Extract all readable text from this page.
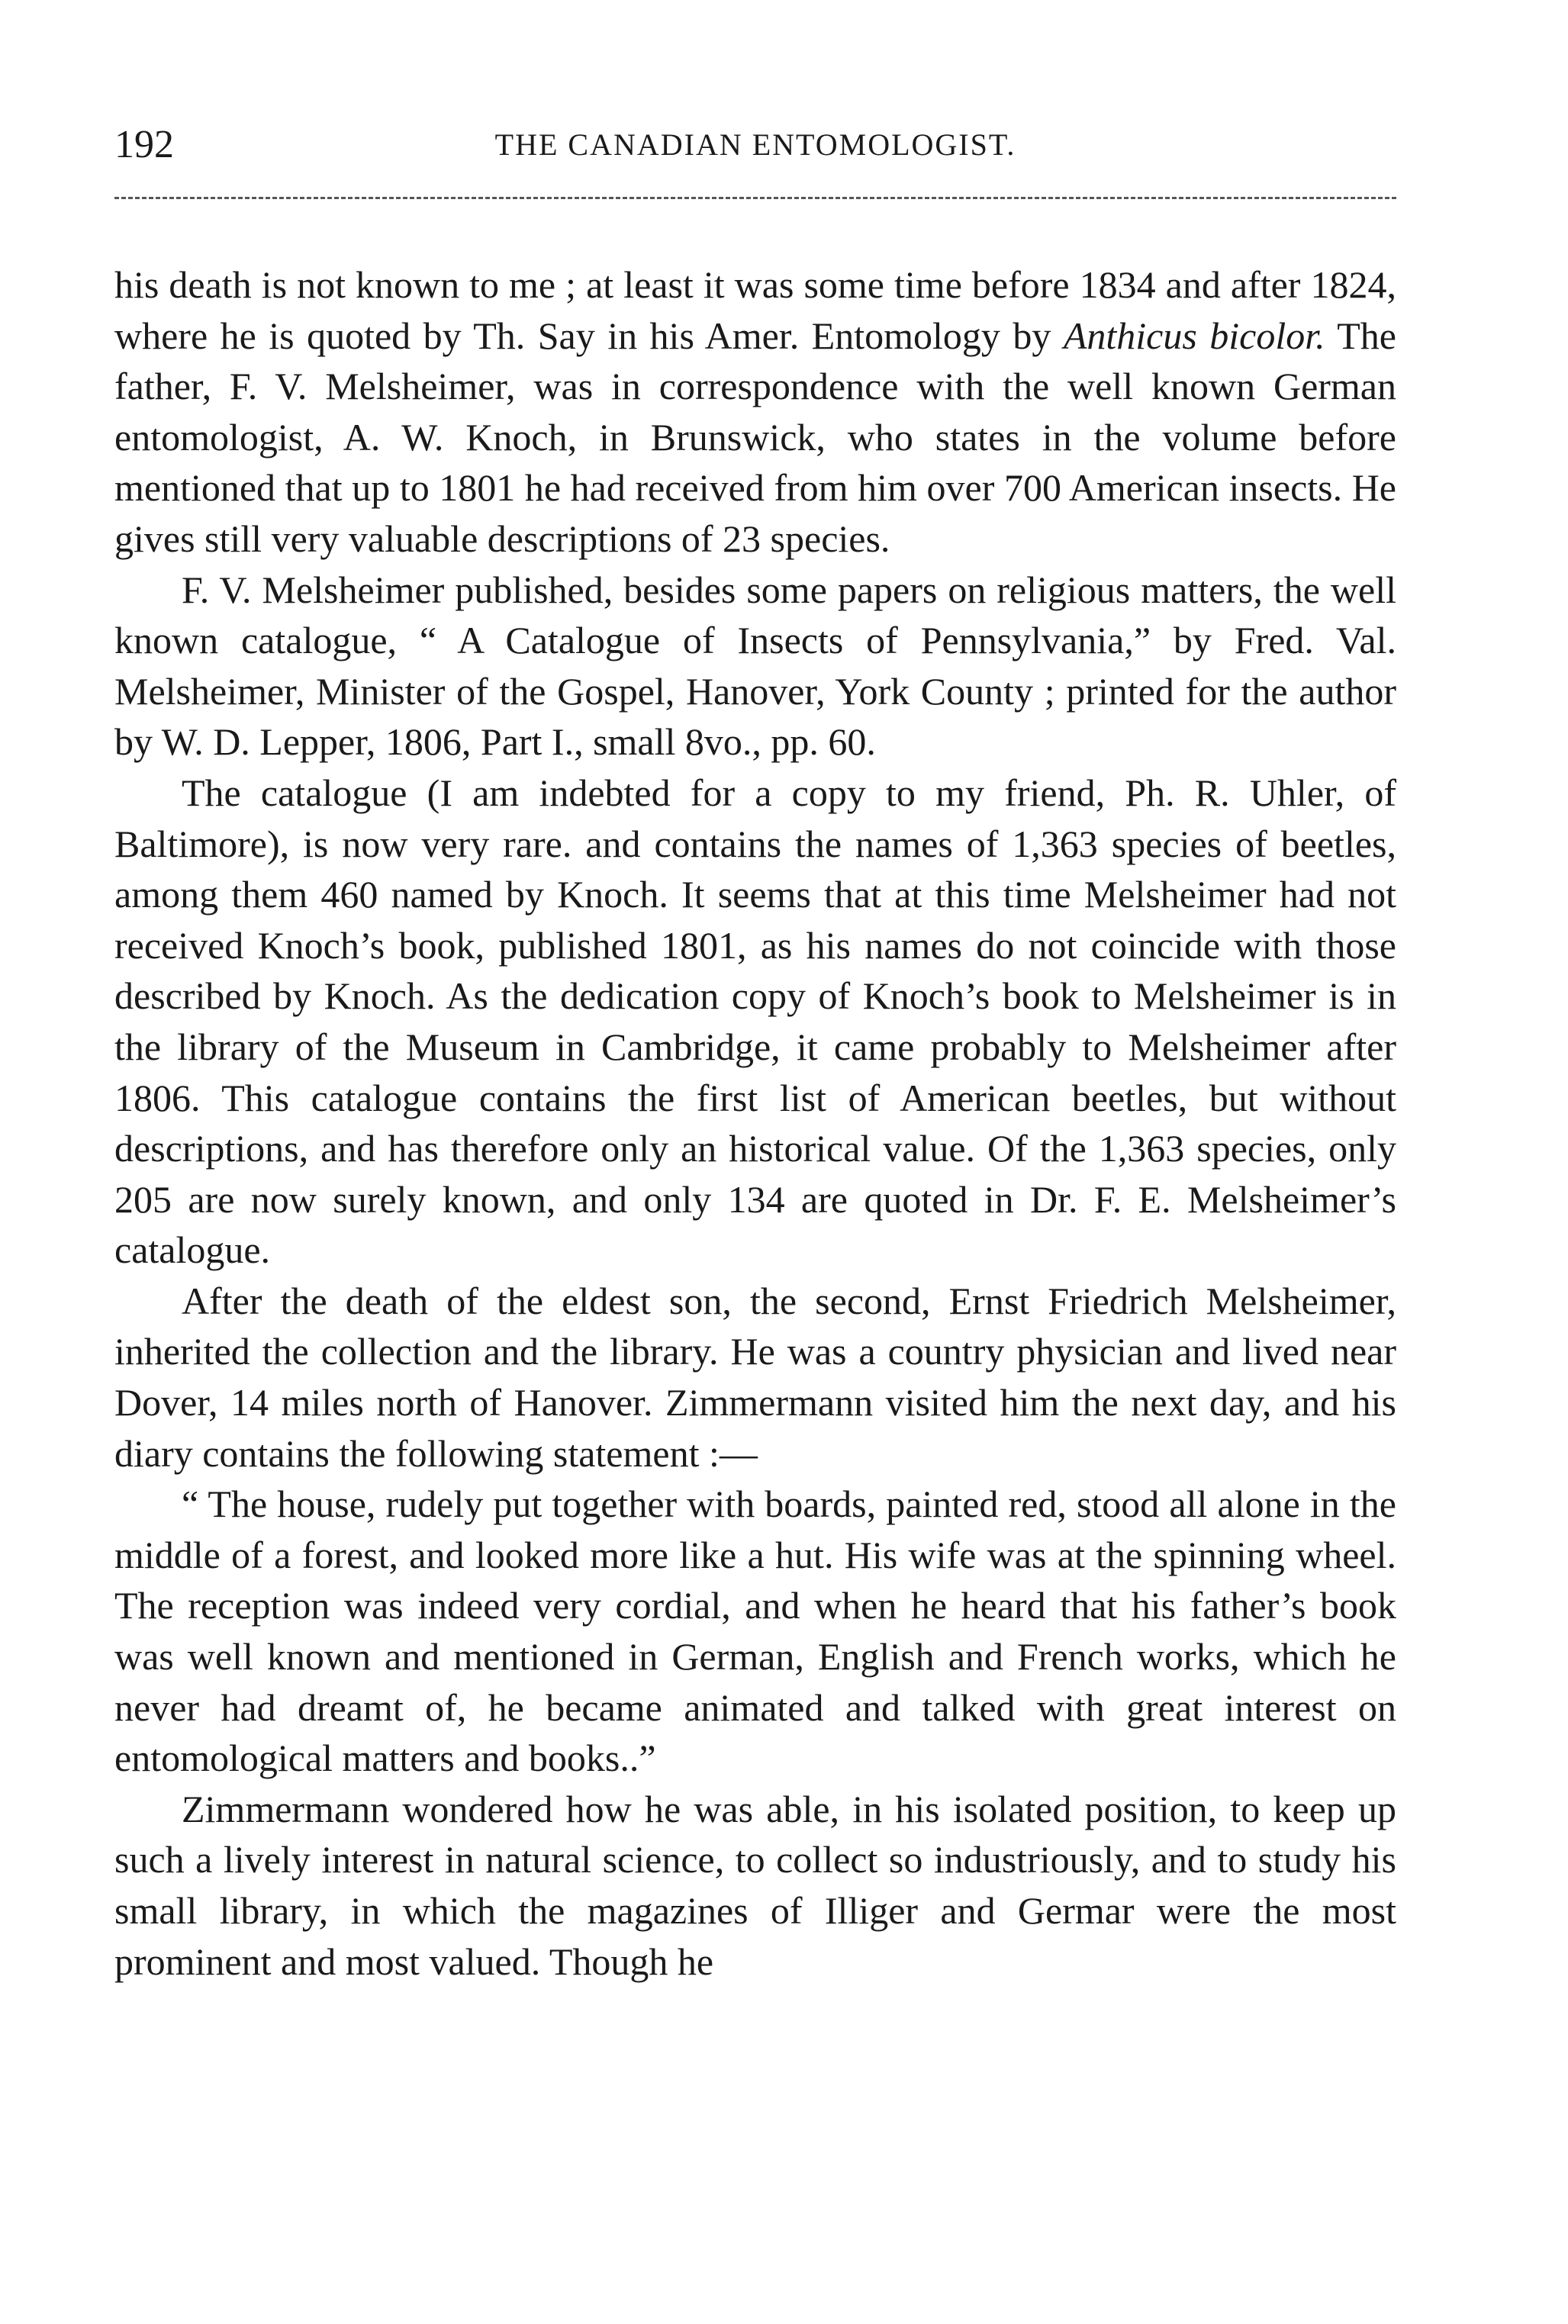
192	THE CANADIAN ENTOMOLOGIST.

his death is not known to me ; at least it was some time before 1834 and after 1824, where he is quoted by Th. Say in his Amer. Entomology by Anthicus bicolor. The father, F. V. Melsheimer, was in correspondence with the well known German entomologist, A. W. Knoch, in Brunswick, who states in the volume before mentioned that up to 1801 he had received from him over 700 American insects. He gives still very valuable descriptions of 23 species.

F. V. Melsheimer published, besides some papers on religious matters, the well known catalogue, “ A Catalogue of Insects of Pennsylvania,” by Fred. Val. Melsheimer, Minister of the Gospel, Hanover, York County ; printed for the author by W. D. Lepper, 1806, Part I., small 8vo., pp. 60.

The catalogue (I am indebted for a copy to my friend, Ph. R. Uhler, of Baltimore), is now very rare. and contains the names of 1,363 species of beetles, among them 460 named by Knoch. It seems that at this time Melsheimer had not received Knoch’s book, published 1801, as his names do not coincide with those described by Knoch. As the dedication copy of Knoch’s book to Melsheimer is in the library of the Museum in Cambridge, it came probably to Melsheimer after 1806. This catalogue contains the first list of American beetles, but without descriptions, and has therefore only an historical value. Of the 1,363 species, only 205 are now surely known, and only 134 are quoted in Dr. F. E. Melsheimer’s catalogue.

After the death of the eldest son, the second, Ernst Friedrich Melsheimer, inherited the collection and the library. He was a country physician and lived near Dover, 14 miles north of Hanover. Zimmermann visited him the next day, and his diary contains the following statement :—

“ The house, rudely put together with boards, painted red, stood all alone in the middle of a forest, and looked more like a hut. His wife was at the spinning wheel. The reception was indeed very cordial, and when he heard that his father’s book was well known and mentioned in German, English and French works, which he never had dreamt of, he became animated and talked with great interest on entomological matters and books..”

Zimmermann wondered how he was able, in his isolated position, to keep up such a lively interest in natural science, to collect so industriously, and to study his small library, in which the magazines of Illiger and Germar were the most prominent and most valued. Though he
